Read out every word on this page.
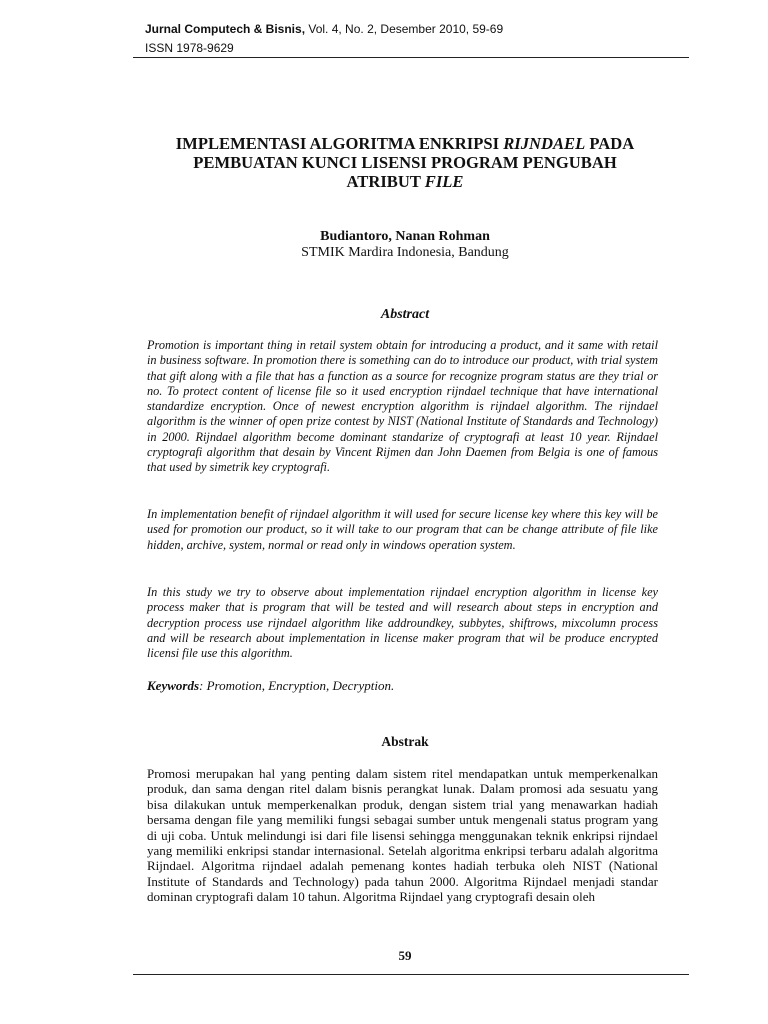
Jurnal Computech & Bisnis, Vol. 4, No. 2, Desember 2010, 59-69
ISSN 1978-9629
IMPLEMENTASI ALGORITMA ENKRIPSI RIJNDAEL PADA
PEMBUATAN KUNCI LISENSI PROGRAM PENGUBAH
ATRIBUT FILE
Budiantoro, Nanan Rohman
STMIK Mardira Indonesia, Bandung
Abstract
Promotion is important thing in retail system obtain for introducing a product, and it same with retail in business software. In promotion there is something can do to introduce our product, with trial system that gift along with a file that has a function as a source for recognize program status are they trial or no. To protect content of license file so it used encryption rijndael technique that have international standardize encryption. Once of newest encryption algorithm is rijndael algorithm. The rijndael algorithm is the winner of open prize contest by NIST (National Institute of Standards and Technology) in 2000. Rijndael algorithm become dominant standarize of cryptografi at least 10 year. Rijndael cryptografi algorithm that desain by Vincent Rijmen dan John Daemen from Belgia is one of famous that used by simetrik key cryptografi.
In implementation benefit of rijndael algorithm it will used for secure license key where this key will be used for promotion our product, so it will take to our program that can be change attribute of file like hidden, archive, system, normal or read only in windows operation system.
In this study we try to observe about implementation rijndael encryption algorithm in license key process maker that is program that will be tested and will research about steps in encryption and decryption process use rijndael algorithm like addroundkey, subbytes, shiftrows, mixcolumn process and will be research about implementation in license maker program that wil be produce encrypted licensi file use this algorithm.
Keywords: Promotion, Encryption, Decryption.
Abstrak
Promosi merupakan hal yang penting dalam sistem ritel mendapatkan untuk memperkenalkan produk, dan sama dengan ritel dalam bisnis perangkat lunak. Dalam promosi ada sesuatu yang bisa dilakukan untuk memperkenalkan produk, dengan sistem trial yang menawarkan hadiah bersama dengan file yang memiliki fungsi sebagai sumber untuk mengenali status program yang di uji coba. Untuk melindungi isi dari file lisensi sehingga menggunakan teknik enkripsi rijndael yang memiliki enkripsi standar internasional. Setelah algoritma enkripsi terbaru adalah algoritma Rijndael. Algoritma rijndael adalah pemenang kontes hadiah terbuka oleh NIST (National Institute of Standards and Technology) pada tahun 2000. Algoritma Rijndael menjadi standar dominan cryptografi dalam 10 tahun. Algoritma Rijndael yang cryptografi desain oleh
59
